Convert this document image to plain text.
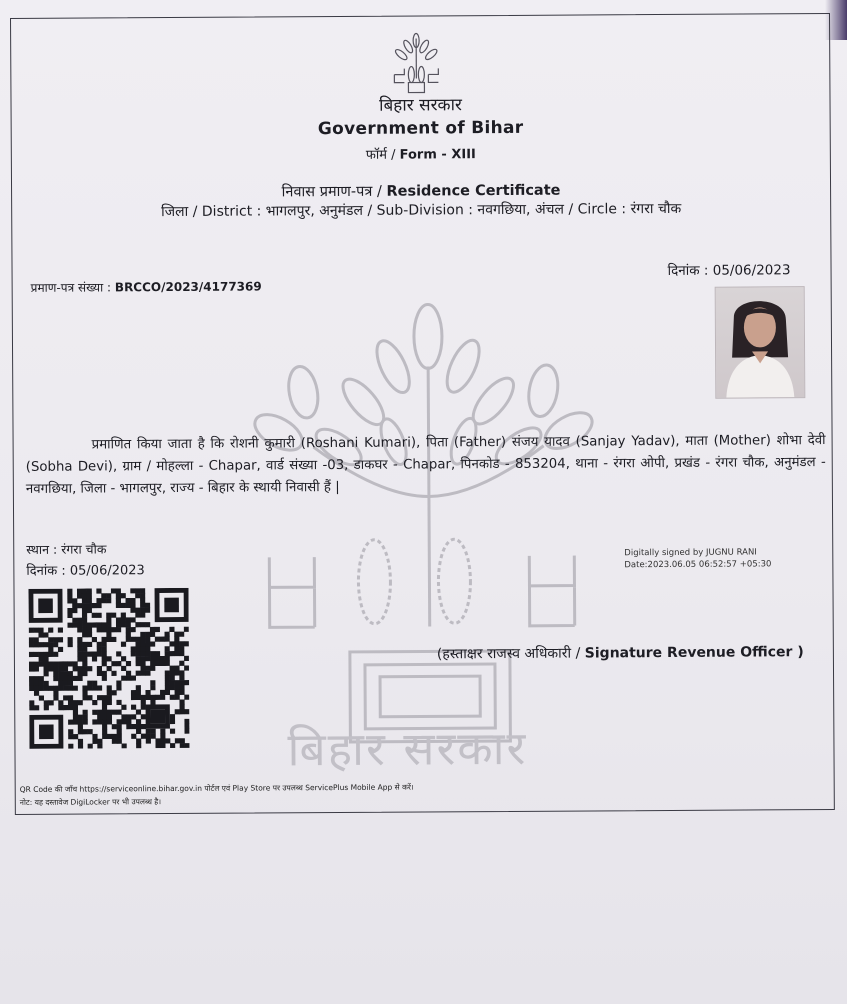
बिहार सरकार
बिहार सरकार
Government of Bihar
फॉर्म / Form - XIII
निवास प्रमाण-पत्र / Residence Certificate
जिला / District : भागलपुर, अनुमंडल / Sub-Division : नवगछिया, अंचल / Circle : रंगरा चौक
प्रमाण-पत्र संख्या : BRCCO/2023/4177369
दिनांक : 05/06/2023

प्रमाणित किया जाता है कि रोशनी कुमारी (Roshani Kumari), पिता (Father) संजय यादव (Sanjay Yadav), माता (Mother) शोभा देवी (Sobha Devi), ग्राम / मोहल्ला - Chapar, वार्ड संख्या -03, डाकघर - Chapar, पिनकोड - 853204, थाना - रंगरा ओपी, प्रखंड - रंगरा चौक, अनुमंडल - नवगछिया, जिला - भागलपुर, राज्य - बिहार के स्थायी निवासी हैं |

स्थान : रंगरा चौक
दिनांक : 05/06/2023
Digitally signed by JUGNU RANI
Date:2023.06.05 06:52:57 +05:30
(हस्ताक्षर राजस्व अधिकारी / Signature Revenue Officer )
QR Code की जाँच https://serviceonline.bihar.gov.in पोर्टल एवं Play Store पर उपलब्ध ServicePlus Mobile App से करें।
नोट: यह दस्तावेज DigiLocker पर भी उपलब्ध है।
